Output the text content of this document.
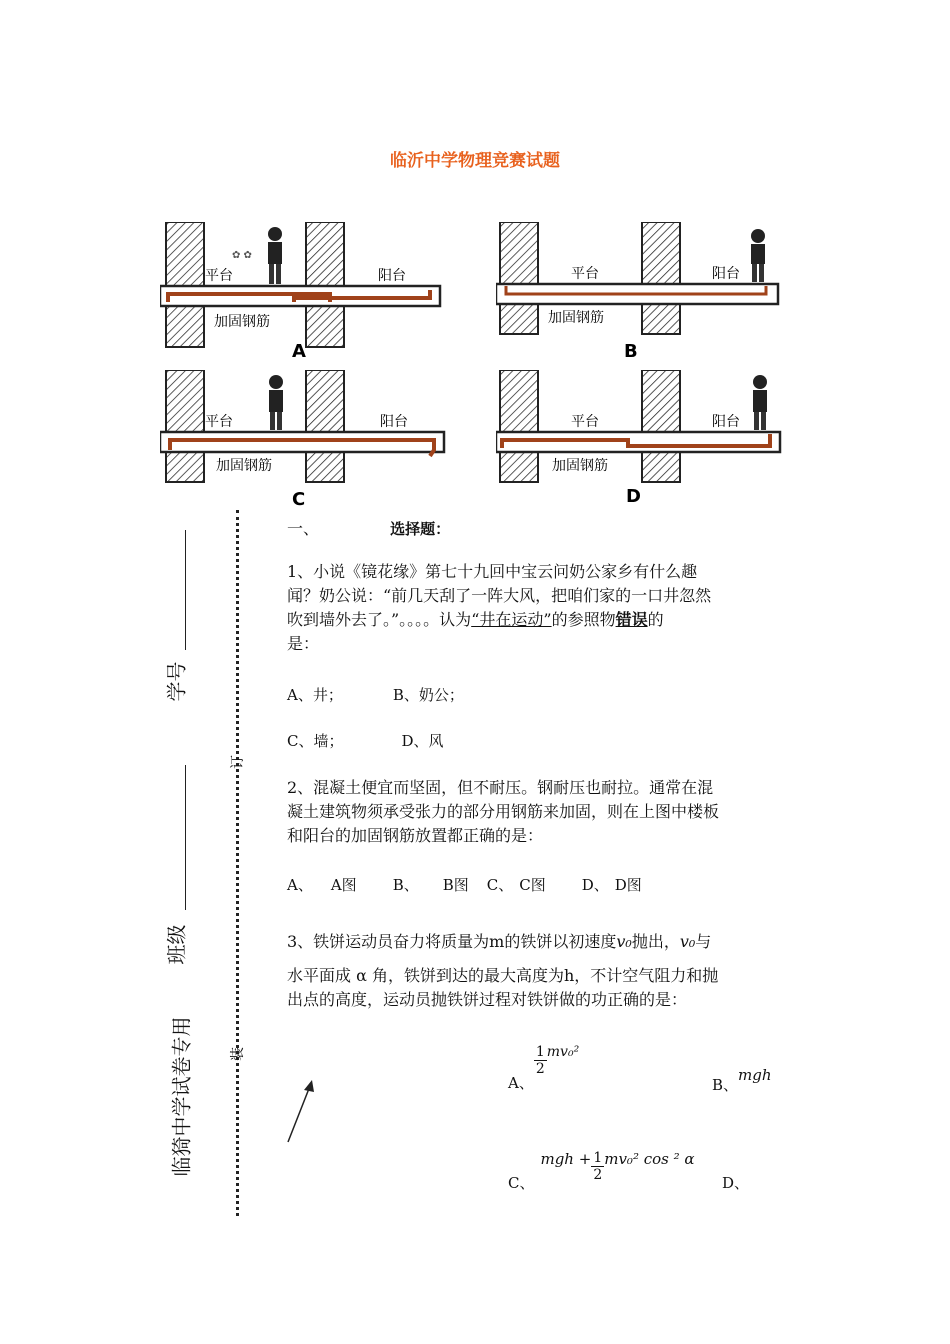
临沂中学物理竞赛试题
✿ ✿
平台	阳台
加固钢筋
A
平台	阳台
加固钢筋
B
平台	阳台
加固钢筋
C
平台	阳台
加固钢筋
D
订
装
学号
班级
临猗中学试卷专用
一、	选择题：
1、小说《镜花缘》第七十九回中宝云问奶公家乡有什么趣
闻？奶公说：“前几天刮了一阵大风，把咱们家的一口井忽然
吹到墙外去了。”。。。。认为“井在运动”的参照物错误的
是：
A、井；	B、奶公；
C、墙；	D、风
2、混凝土便宜而坚固，但不耐压。钢耐压也耐拉。通常在混
凝土建筑物须承受张力的部分用钢筋来加固，则在上图中楼板
和阳台的加固钢筋放置都正确的是：
A、 A图 B、 B图 C、 C图 D、 D图
3、铁饼运动员奋力将质量为m的铁饼以初速度v₀抛出，v₀与
水平面成 α 角，铁饼到达的最大高度为h，不计空气阻力和抛
出点的高度，运动员抛铁饼过程对铁饼做的功正确的是：
A、
$\frac{1}{2} mv_0^2$
B、mgh
C、mgh + $\frac{1}{2} mv_0^2$ cos ² α
D、
